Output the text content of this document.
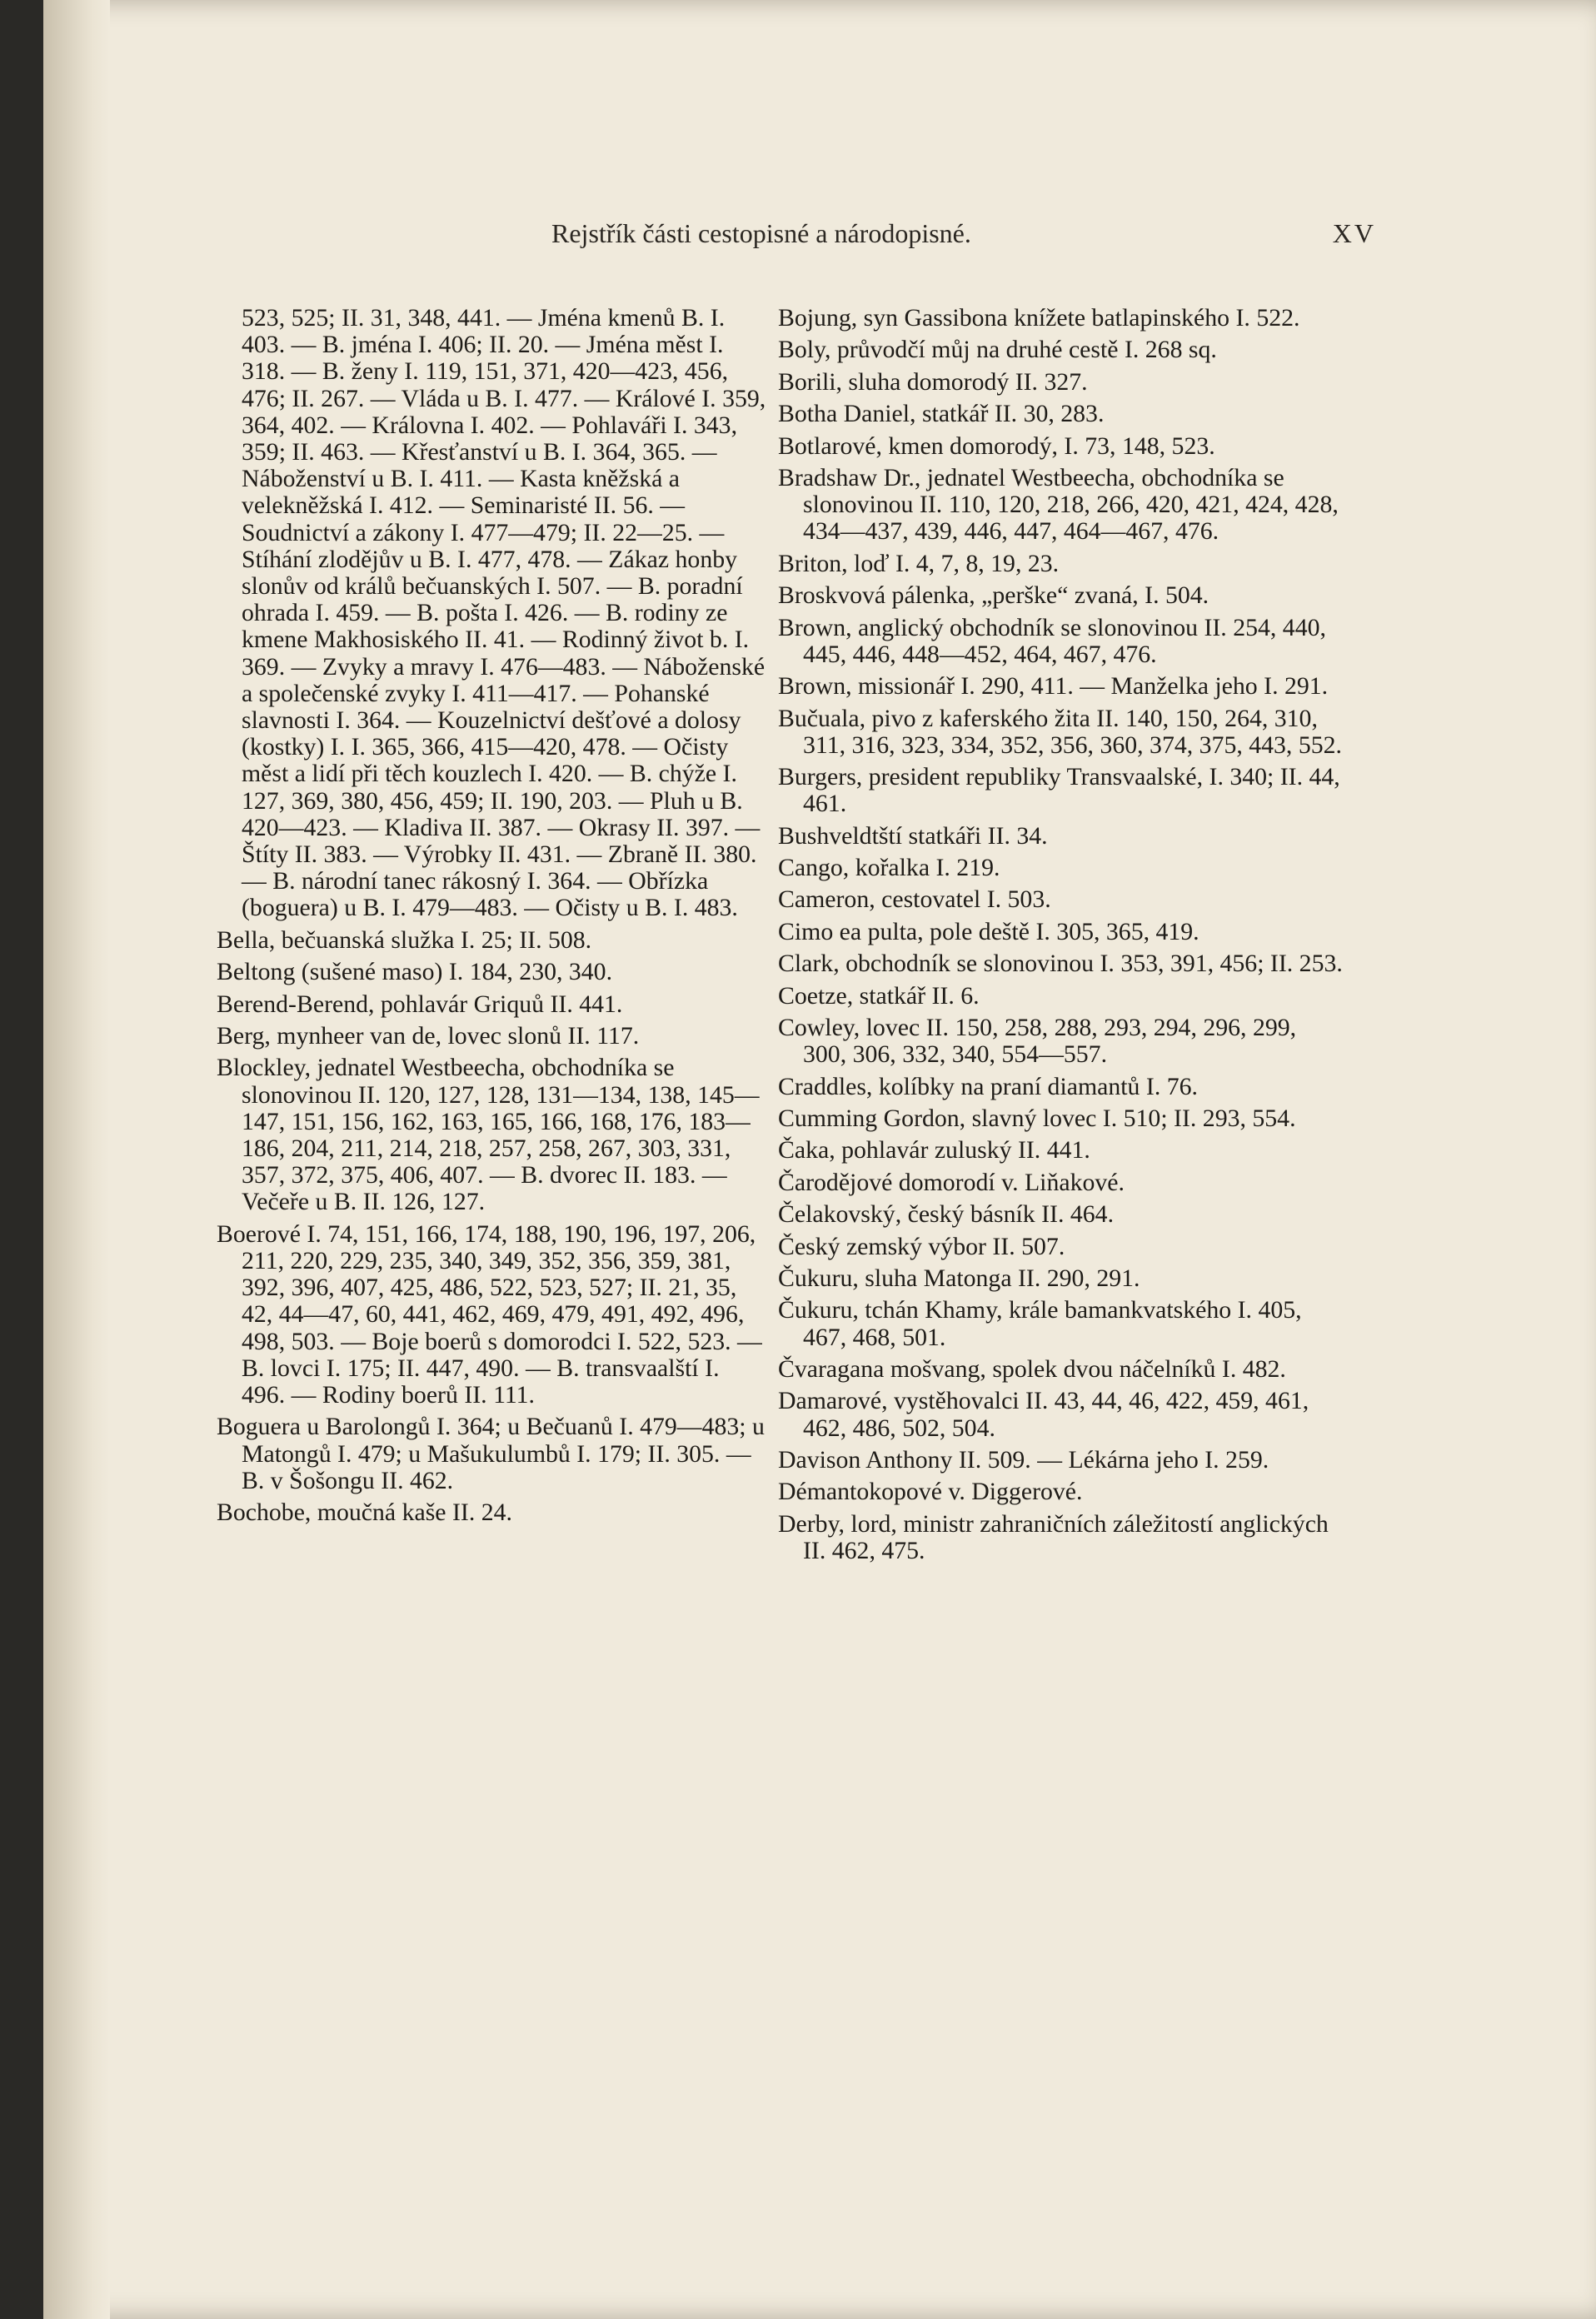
Rejstřík části cestopisné a národopisné.	XV

523, 525; II. 31, 348, 441. — Jména kmenů B. I. 403. — B. jména I. 406; II. 20. — Jména měst I. 318. — B. ženy I. 119, 151, 371, 420—423, 456, 476; II. 267. — Vláda u B. I. 477. — Králové I. 359, 364, 402. — Královna I. 402. — Pohlaváři I. 343, 359; II. 463. — Křesťanství u B. I. 364, 365. — Náboženství u B. I. 411. — Kasta kněžská a velekněžská I. 412. — Seminaristé II. 56. — Soudnictví a zákony I. 477—479; II. 22—25. — Stíhání zlodějův u B. I. 477, 478. — Zákaz honby slonův od králů bečuanských I. 507. — B. poradní ohrada I. 459. — B. pošta I. 426. — B. rodiny ze kmene Makhosiského II. 41. — Rodinný život b. I. 369. — Zvyky a mravy I. 476—483. — Náboženské a společenské zvyky I. 411—417. — Pohanské slavnosti I. 364. — Kouzelnictví dešťové a dolosy (kostky) I. I. 365, 366, 415—420, 478. — Očisty měst a lidí při těch kouzlech I. 420. — B. chýže I. 127, 369, 380, 456, 459; II. 190, 203. — Pluh u B. 420—423. — Kladiva II. 387. — Okrasy II. 397. — Štíty II. 383. — Výrobky II. 431. — Zbraně II. 380. — B. národní tanec rákosný I. 364. — Obřízka (boguera) u B. I. 479—483. — Očisty u B. I. 483.

Bella, bečuanská služka I. 25; II. 508.

Beltong (sušené maso) I. 184, 230, 340.

Berend-Berend, pohlavár Griquů II. 441.

Berg, mynheer van de, lovec slonů II. 117.

Blockley, jednatel Westbeecha, obchodníka se slonovinou II. 120, 127, 128, 131—134, 138, 145—147, 151, 156, 162, 163, 165, 166, 168, 176, 183—186, 204, 211, 214, 218, 257, 258, 267, 303, 331, 357, 372, 375, 406, 407. — B. dvorec II. 183. — Večeře u B. II. 126, 127.

Boerové I. 74, 151, 166, 174, 188, 190, 196, 197, 206, 211, 220, 229, 235, 340, 349, 352, 356, 359, 381, 392, 396, 407, 425, 486, 522, 523, 527; II. 21, 35, 42, 44—47, 60, 441, 462, 469, 479, 491, 492, 496, 498, 503. — Boje boerů s domorodci I. 522, 523. — B. lovci I. 175; II. 447, 490. — B. transvaalští I. 496. — Rodiny boerů II. 111.

Boguera u Barolongů I. 364; u Bečuanů I. 479—483; u Matongů I. 479; u Mašukulumbů I. 179; II. 305. — B. v Šošongu II. 462.

Bochobe, moučná kaše II. 24.

Bojung, syn Gassibona knížete batlapinského I. 522.

Boly, průvodčí můj na druhé cestě I. 268 sq.

Borili, sluha domorodý II. 327.

Botha Daniel, statkář II. 30, 283.

Botlarové, kmen domorodý, I. 73, 148, 523.

Bradshaw Dr., jednatel Westbeecha, obchodníka se slonovinou II. 110, 120, 218, 266, 420, 421, 424, 428, 434—437, 439, 446, 447, 464—467, 476.

Briton, loď I. 4, 7, 8, 19, 23.

Broskvová pálenka, „perške“ zvaná, I. 504.

Brown, anglický obchodník se slonovinou II. 254, 440, 445, 446, 448—452, 464, 467, 476.

Brown, missionář I. 290, 411. — Manželka jeho I. 291.

Bučuala, pivo z kaferského žita II. 140, 150, 264, 310, 311, 316, 323, 334, 352, 356, 360, 374, 375, 443, 552.

Burgers, president republiky Transvaalské, I. 340; II. 44, 461.

Bushveldtští statkáři II. 34.

Cango, kořalka I. 219.

Cameron, cestovatel I. 503.

Cimo ea pulta, pole deště I. 305, 365, 419.

Clark, obchodník se slonovinou I. 353, 391, 456; II. 253.

Coetze, statkář II. 6.

Cowley, lovec II. 150, 258, 288, 293, 294, 296, 299, 300, 306, 332, 340, 554—557.

Craddles, kolíbky na praní diamantů I. 76.

Cumming Gordon, slavný lovec I. 510; II. 293, 554.

Čaka, pohlavár zuluský II. 441.

Čarodějové domorodí v. Liňakové.

Čelakovský, český básník II. 464.

Český zemský výbor II. 507.

Čukuru, sluha Matonga II. 290, 291.

Čukuru, tchán Khamy, krále bamankvatského I. 405, 467, 468, 501.

Čvaragana mošvang, spolek dvou náčelníků I. 482.

Damarové, vystěhovalci II. 43, 44, 46, 422, 459, 461, 462, 486, 502, 504.

Davison Anthony II. 509. — Lékárna jeho I. 259.

Démantokopové v. Diggerové.

Derby, lord, ministr zahraničních záležitostí anglických II. 462, 475.
